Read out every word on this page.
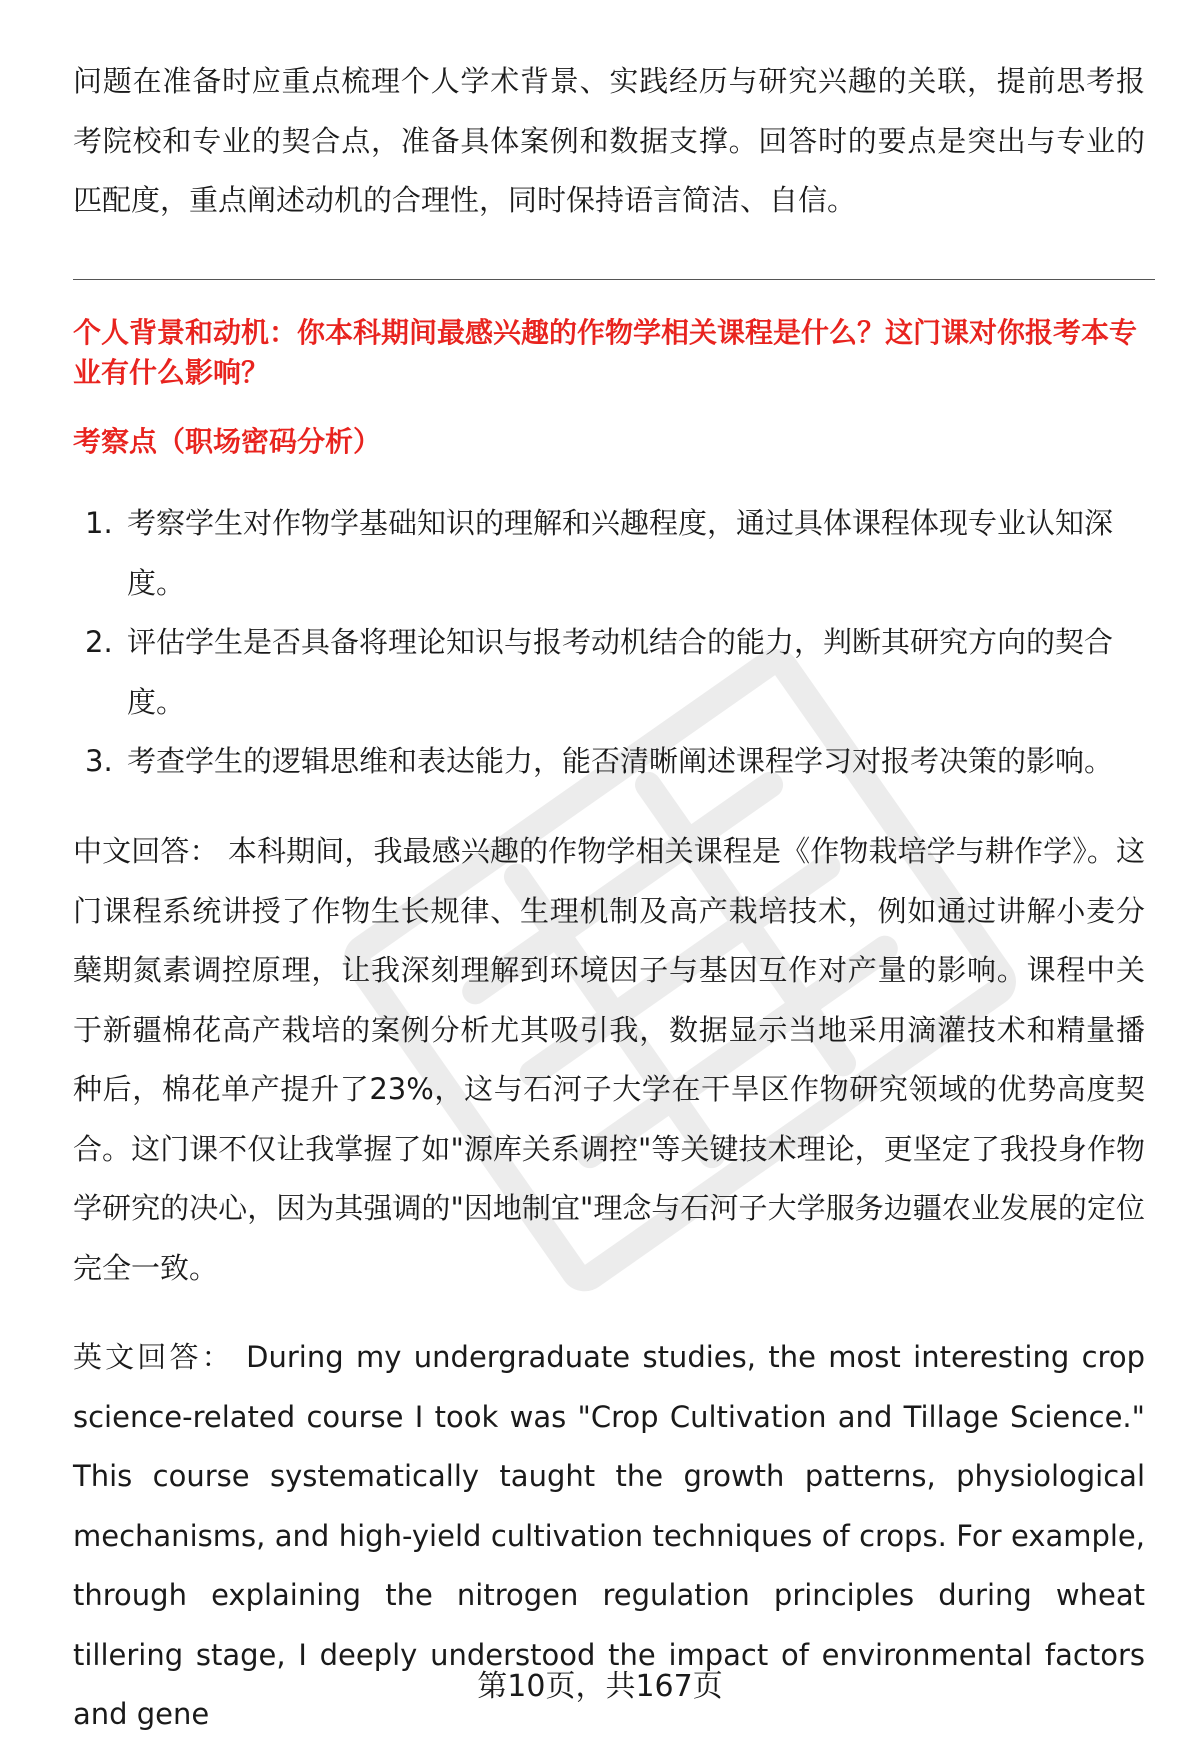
问题在准备时应重点梳理个人学术背景、实践经历与研究兴趣的关联，提前思考报考院校和专业的契合点，准备具体案例和数据支撑。回答时的要点是突出与专业的匹配度，重点阐述动机的合理性，同时保持语言简洁、自信。

个人背景和动机：你本科期间最感兴趣的作物学相关课程是什么？这门课对你报考本专业有什么影响？
考察点（职场密码分析）
1. 考察学生对作物学基础知识的理解和兴趣程度，通过具体课程体现专业认知深度。
2. 评估学生是否具备将理论知识与报考动机结合的能力，判断其研究方向的契合度。
3. 考查学生的逻辑思维和表达能力，能否清晰阐述课程学习对报考决策的影响。

中文回答： 本科期间，我最感兴趣的作物学相关课程是《作物栽培学与耕作学》。这门课程系统讲授了作物生长规律、生理机制及高产栽培技术，例如通过讲解小麦分蘖期氮素调控原理，让我深刻理解到环境因子与基因互作对产量的影响。课程中关于新疆棉花高产栽培的案例分析尤其吸引我，数据显示当地采用滴灌技术和精量播种后，棉花单产提升了23%，这与石河子大学在干旱区作物研究领域的优势高度契合。这门课不仅让我掌握了如"源库关系调控"等关键技术理论，更坚定了我投身作物学研究的决心，因为其强调的"因地制宜"理念与石河子大学服务边疆农业发展的定位完全一致。

英文回答： During my undergraduate studies, the most interesting crop science-related course I took was "Crop Cultivation and Tillage Science." This course systematically taught the growth patterns, physiological mechanisms, and high-yield cultivation techniques of crops. For example, through explaining the nitrogen regulation principles during wheat tillering stage, I deeply understood the impact of environmental factors and gene

第10页，共167页
